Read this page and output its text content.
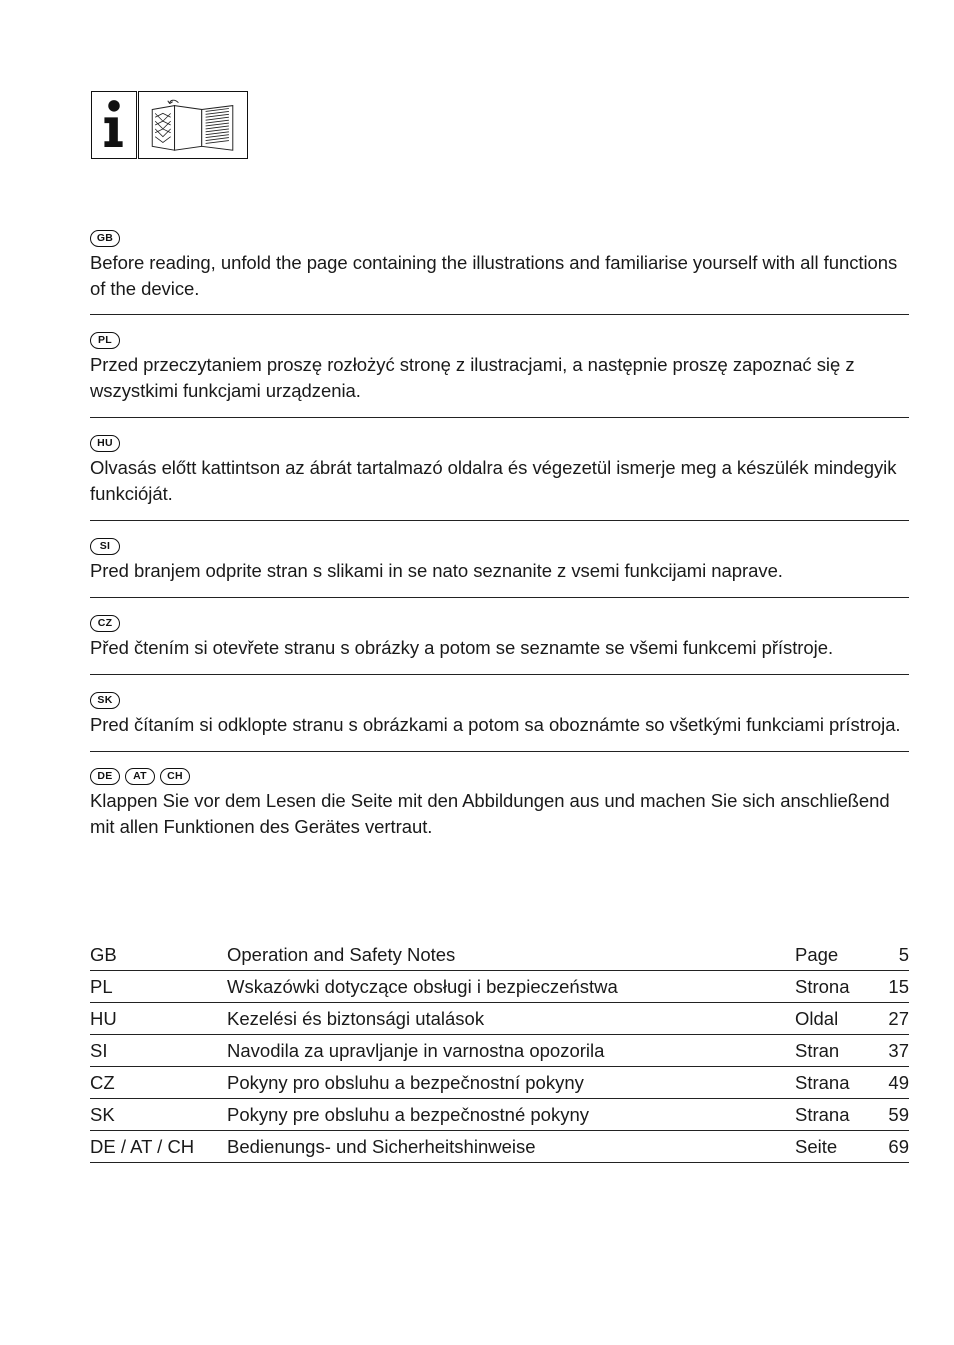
GB

Before reading, unfold the page containing the illustrations and familiarise yourself with all functions of the device.

PL

Przed przeczytaniem proszę rozłożyć stronę z ilustracjami, a następnie proszę zapoznać się z wszystkimi funkcjami urządzenia.

HU

Olvasás előtt kattintson az ábrát tartalmazó oldalra és végezetül ismerje meg a készülék mindegyik funkcióját.

SI

Pred branjem odprite stran s slikami in se nato seznanite z vsemi funkcijami naprave.

CZ

Před čtením si otevřete stranu s obrázky a potom se seznamte se všemi funkcemi přístroje.

SK

Pred čítaním si odklopte stranu s obrázkami a potom sa oboznámte so všetkými funkciami prístroja.

DE	AT	CH

Klappen Sie vor dem Lesen die Seite mit den Abbildungen aus und machen Sie sich anschließend mit allen Funktionen des Gerätes vertraut.

GB	Operation and Safety Notes	Page	5
PL	Wskazówki dotyczące obsługi i bezpieczeństwa	Strona	15
HU	Kezelési és biztonsági utalások	Oldal	27
SI	Navodila za upravljanje in varnostna opozorila	Stran	37
CZ	Pokyny pro obsluhu a bezpečnostní pokyny	Strana	49
SK	Pokyny pre obsluhu a bezpečnostné pokyny	Strana	59
DE / AT / CH	Bedienungs- und Sicherheitshinweise	Seite	69
